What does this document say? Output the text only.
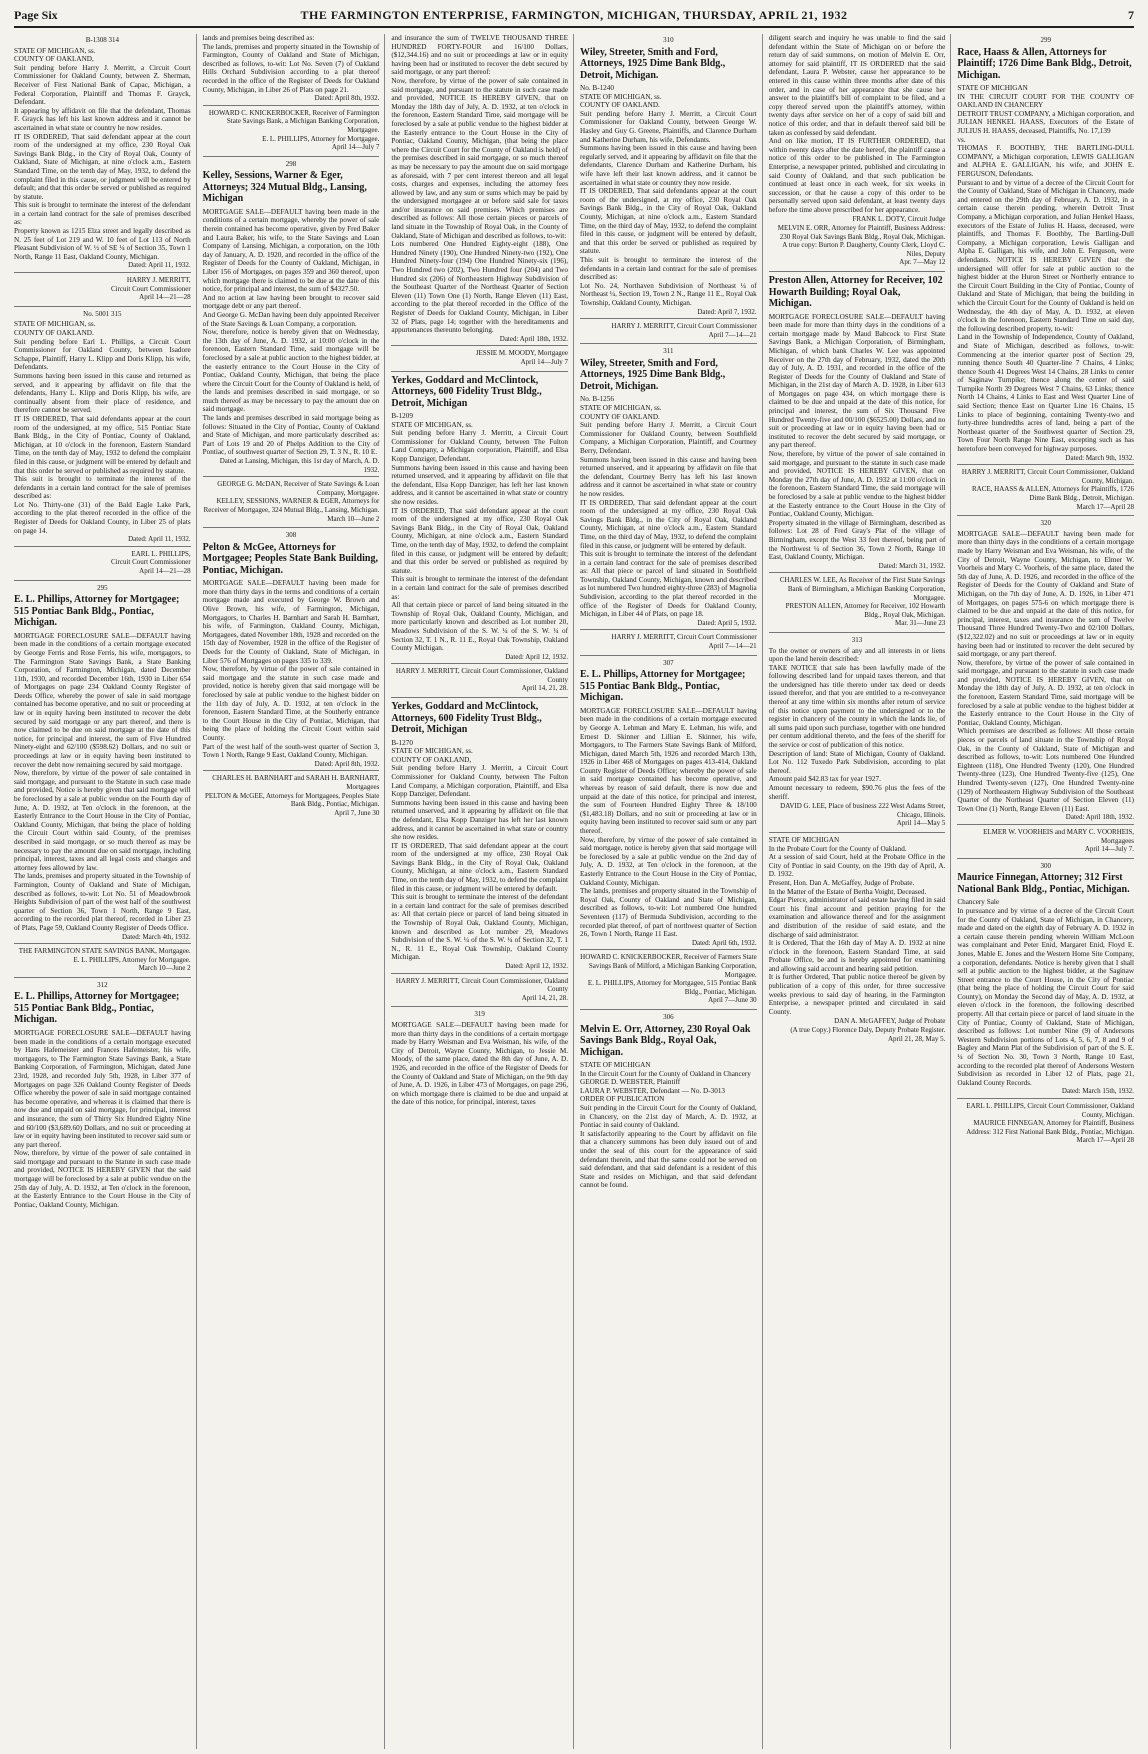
Page Six	THE FARMINGTON ENTERPRISE, FARMINGTON, MICHIGAN, THURSDAY, APRIL 21, 1932	7
B-1308 314
STATE OF MICHIGAN, ss.
COUNTY OF OAKLAND,
Suit pending before Harry J. Merritt, a Circuit Court Commissioner for Oakland County, between Z. Sherman, Receiver of First National Bank of Capac, Michigan, a Federal Corporation, Plaintiff and Thomas F. Grayck, Defendant.
It appearing by affidavit on file that the defendant, Thomas F. Grayck has left his last known address and it cannot be ascertained in what state or country he now resides.
IT IS ORDERED, That said defendant appear at the court room of the undersigned at my office, 230 Royal Oak Savings Bank Bldg., in the City of Royal Oak, County of Oakland, State of Michigan, at nine o'clock a.m., Eastern Standard Time, on the tenth day of May, 1932, to defend the complaint filed in this cause, or judgment will be entered by default; and that this order be served or published as required by statute.
This suit is brought to terminate the interest of the defendant in a certain land contract for the sale of premises described as:
Property known as 1215 Elza street and legally described as N. 25 feet of Lot 219 and W. 10 feet of Lot 113 of North Pleasant Subdivision of W. ½ of SE ¼ of Section 35, Town 1 North, Range 11 East, Oakland County, Michigan.
Dated: April 11, 1932.
HARRY J. MERRITT,
Circuit Court Commissioner
April 14—21—28
No. 5001 315
STATE OF MICHIGAN, ss.
COUNTY OF OAKLAND.
Suit pending before Earl L. Phillips, a Circuit Court Commissioner for Oakland County, between Isadore Schappe, Plaintiff, Harry L. Klipp and Doris Klipp, his wife, Defendants.
Summons having been issued in this cause and returned as served, and it appearing by affidavit on file that the defendants, Harry L. Klipp and Doris Klipp, his wife, are continually absent from their place of residence, and therefore cannot be served.
IT IS ORDERED, That said defendants appear at the court room of the undersigned, at my office, 515 Pontiac State Bank Bldg., in the City of Pontiac, County of Oakland, Michigan, at 10 o'clock in the forenoon, Eastern Standard Time, on the tenth day of May, 1932 to defend the complaint filed in this cause, or judgment will be entered by default and that this order be served or published as required by statute.
This suit is brought to terminate the interest of the defendants in a certain land contract for the sale of premises described as:
Lot No. Thirty-one (31) of the Bald Eagle Lake Park, according to the plat thereof recorded in the office of the Register of Deeds for Oakland County, in Liber 25 of plats on page 14.
Dated: April 11, 1932.
EARL L. PHILLIPS,
Circuit Court Commissioner
April 14—21—28
295
E. L. Phillips, Attorney for Mortgagee; 515 Pontiac Bank Bldg., Pontiac, Michigan.
MORTGAGE FORECLOSURE SALE—DEFAULT having been made in the conditions of a certain mortgage executed by George Ferris and Rose Ferris, his wife, mortgagors, to The Farmington State Savings Bank, a State Banking Corporation, of Farmington, Michigan, dated December 11th, 1930, and recorded December 16th, 1930 in Liber 654 of Mortgages on page 234 Oakland County Register of Deeds Office, whereby the power of sale in said mortgage contained has become operative, and no suit or proceeding at law or in equity having been instituted to recover the debt secured by said mortgage or any part thereof, and there is now claimed to be due on said mortgage at the date of this notice, for principal and interest, the sum of Five Hundred Ninety-eight and 62/100 ($598.62) Dollars, and no suit or proceedings at law or in equity having been instituted to recover the debt now remaining secured by said mortgage.
Now, therefore, by virtue of the power of sale contained in said mortgage, and pursuant to the Statute in such case made and provided, Notice is hereby given that said mortgage will be foreclosed by a sale at public vendue on the Fourth day of June, A. D. 1932, at Ten o'clock in the forenoon, at the Easterly Entrance to the Court House in the City of Pontiac, Oakland County, Michigan, that being the place of holding the Circuit Court within said County, of the premises described in said mortgage, or so much thereof as may be necessary to pay the amount due on said mortgage, including principal, interest, taxes and all legal costs and charges and attorney fees allowed by law.
The lands, premises and property situated in the Township of Farmington, County of Oakland and State of Michigan, described as follows, to-wit: Lot No. 51 of Meadowbrook Heights Subdivision of part of the west half of the southwest quarter of Section 36, Town 1 North, Range 9 East, according to the recorded plat thereof, recorded in Liber 23 of Plats, Page 59, Oakland County Register of Deeds Office.
Dated: March 4th, 1932.
THE FARMINGTON STATE SAVINGS BANK, Mortgagee.
E. L. PHILLIPS, Attorney for Mortgagee.
March 10—June 2
312
E. L. Phillips, Attorney for Mortgagee; 515 Pontiac Bank Bldg., Pontiac, Michigan.
MORTGAGE FORECLOSURE SALE—DEFAULT having been made in the conditions of a certain mortgage executed by Hans Hafemeister and Frances Hafemeister, his wife, mortgagors, to The Farmington State Savings Bank, a State Banking Corporation, of Farmington, Michigan, dated June 23rd, 1928, and recorded July 5th, 1928, in Liber 377 of Mortgages on page 326 Oakland County Register of Deeds Office whereby the power of sale in said mortgage contained has become operative, and whereas it is claimed that there is now due and unpaid on said mortgage, for principal, interest and insurance, the sum of Thirty Six Hundred Eighty Nine and 60/100 ($3,689.60) Dollars, and no suit or proceeding at law or in equity having been instituted to recover said sum or any part thereof.
Now, therefore, by virtue of the power of sale contained in said mortgage and pursuant to the Statute in such case made and provided, NOTICE IS HEREBY GIVEN that the said mortgage will be foreclosed by a sale at public vendue on the 25th day of July, A. D. 1932, at Ten o'clock in the forenoon, at the Easterly Entrance to the Court House in the City of Pontiac, Oakland County, Michigan.
lands and premises being described as:
The lands, premises and property situated in the Township of Farmington, County of Oakland and State of Michigan, described as follows, to-wit: Lot No. Seven (7) of Oakland Hills Orchard Subdivision according to a plat thereof recorded in the office of the Register of Deeds for Oakland County, Michigan, in Liber 26 of Plats on page 21.
Dated: April 8th, 1932.
HOWARD C. KNICKERBOCKER, Receiver of Farmington State Savings Bank, a Michigan Banking Corporation, Mortgagee.
E. L. PHILLIPS, Attorney for Mortgagee.
April 14—July 7
298
Kelley, Sessions, Warner & Eger, Attorneys; 324 Mutual Bldg., Lansing, Michigan
MORTGAGE SALE—DEFAULT having been made in the conditions of a certain mortgage, whereby the power of sale therein contained has become operative, given by Fred Baker and Laura Baker, his wife, to the State Savings and Loan Company of Lansing, Michigan, a corporation, on the 10th day of January, A. D. 1920, and recorded in the office of the Register of Deeds for the County of Oakland, Michigan, in Liber 156 of Mortgages, on pages 359 and 360 thereof, upon which mortgage there is claimed to be due at the date of this notice, for principal and interest, the sum of $4327.50.
And no action at law having been brought to recover said mortgage debt or any part thereof.
And George G. McDan having been duly appointed Receiver of the State Savings & Loan Company, a corporation.
Now, therefore, notice is hereby given that on Wednesday, the 13th day of June, A. D. 1932, at 10:00 o'clock in the forenoon, Eastern Standard Time, said mortgage will be foreclosed by a sale at public auction to the highest bidder, at the easterly entrance to the Court House in the City of Pontiac, Oakland County, Michigan, that being the place where the Circuit Court for the County of Oakland is held, of the lands and premises described in said mortgage, or so much thereof as may be necessary to pay the amount due on said mortgage.
The lands and premises described in said mortgage being as follows: Situated in the City of Pontiac, County of Oakland and State of Michigan, and more particularly described as: Part of Lots 19 and 20 of Phelps Addition to the City of Pontiac, of southwest quarter of Section 29, T. 3 N., R. 10 E.
Dated at Lansing, Michigan, this 1st day of March, A. D. 1932.
GEORGE G. McDAN, Receiver of State Savings & Loan Company, Mortgagee.
KELLEY, SESSIONS, WARNER & EGER, Attorneys for Receiver of Mortgagee, 324 Mutual Bldg., Lansing, Michigan.
March 10—June 2
308
Pelton & McGee, Attorneys for Mortgagee; Peoples State Bank Building, Pontiac, Michigan.
MORTGAGE SALE—DEFAULT having been made for more than thirty days in the terms and conditions of a certain mortgage made and executed by George W. Brown and Olive Brown, his wife, of Farmington, Michigan, Mortgagors, to Charles H. Barnhart and Sarah H. Barnhart, his wife, of Farmington, Oakland County, Michigan, Mortgagees, dated November 18th, 1928 and recorded on the 15th day of November, 1928 in the office of the Register of Deeds for the County of Oakland, State of Michigan, in Liber 576 of Mortgages on pages 335 to 339.
Now, therefore, by virtue of the power of sale contained in said mortgage and the statute in such case made and provided, notice is hereby given that said mortgage will be foreclosed by sale at public vendue to the highest bidder on the 11th day of July, A. D. 1932, at ten o'clock in the forenoon, Eastern Standard Time, at the Southerly entrance to the Court House in the City of Pontiac, Michigan, that being the place of holding the Circuit Court within said County.
Part of the west half of the south-west quarter of Section 3, Town 1 North, Range 9 East, Oakland County, Michigan.
Dated: April 8th, 1932.
CHARLES H. BARNHART and SARAH H. BARNHART, Mortgagees
PELTON & McGEE, Attorneys for Mortgagees, Peoples State Bank Bldg., Pontiac, Michigan.
April 7, June 30
and insurance the sum of TWELVE THOUSAND THREE HUNDRED FORTY-FOUR and 16/100 Dollars, ($12,344.16) and no suit or proceedings at law or in equity having been had or instituted to recover the debt secured by said mortgage, or any part thereof:
Now, therefore, by virtue of the power of sale contained in said mortgage, and pursuant to the statute in such case made and provided, NOTICE IS HEREBY GIVEN, that on Monday the 18th day of July, A. D. 1932, at ten o'clock in the forenoon, Eastern Standard Time, said mortgage will be foreclosed by a sale at public vendue to the highest bidder at the Easterly entrance to the Court House in the City of Pontiac, Oakland County, Michigan, (that being the place where the Circuit Court for the County of Oakland is held) of the premises described in said mortgage, or so much thereof as may be necessary to pay the amount due on said mortgage as aforesaid, with 7 per cent interest thereon and all legal costs, charges and expenses, including the attorney fees allowed by law, and any sum or sums which may be paid by the undersigned mortgagee at or before said sale for taxes and/or insurance on said premises. Which premises are described as follows: All those certain pieces or parcels of land situate in the Township of Royal Oak, in the County of Oakland, State of Michigan and described as follows, to-wit:
Lots numbered One Hundred Eighty-eight (188), One Hundred Ninety (190), One Hundred Ninety-two (192), One Hundred Ninety-four (194) One Hundred Ninety-six (196), Two Hundred two (202), Two Hundred four (204) and Two Hundred six (206) of Northeastern Highway Subdivision of the Southeast Quarter of the Northeast Quarter of Section Eleven (11) Town One (1) North, Range Eleven (11) East, according to the plat thereof recorded in the Office of the Register of Deeds for Oakland County, Michigan, in Liber 32 of Plats, page 14; together with the hereditaments and appurtenances thereunto belonging.
Dated: April 18th, 1932.
JESSIE M. MOODY, Mortgagee
April 14—July 7
Yerkes, Goddard and McClintock, Attorneys, 600 Fidelity Trust Bldg., Detroit, Michigan
B-1209
STATE OF MICHIGAN, ss.
Suit pending before Harry J. Merritt, a Circuit Court Commissioner for Oakland County, between The Fulton Land Company, a Michigan corporation, Plaintiff, and Elsa Kopp Danziger, Defendant.
Summons having been issued in this cause and having been returned unserved, and it appearing by affidavit on file that the defendant, Elsa Kopp Danziger, has left her last known address, and it cannot be ascertained in what state or country she now resides.
IT IS ORDERED, That said defendant appear at the court room of the undersigned at my office, 230 Royal Oak Savings Bank Bldg., in the City of Royal Oak, Oakland County, Michigan, at nine o'clock a.m., Eastern Standard Time, on the tenth day of May, 1932, to defend the complaint filed in this cause, or judgment will be entered by default; and that this order be served or published as required by statute.
This suit is brought to terminate the interest of the defendant in a certain land contract for the sale of premises described as:
All that certain piece or parcel of land being situated in the Township of Royal Oak, Oakland County, Michigan, and more particularly known and described as Lot number 20, Meadows Subdivision of the S. W. ¼ of the S. W. ¼ of Section 32, T. 1 N., R. 11 E., Royal Oak Township, Oakland County Michigan.
Dated: April 12, 1932.
HARRY J. MERRITT, Circuit Court Commissioner, Oakland County
April 14, 21, 28.
Yerkes, Goddard and McClintock, Attorneys, 600 Fidelity Trust Bldg., Detroit, Michigan
B-1270
STATE OF MICHIGAN, ss.
COUNTY OF OAKLAND,
Suit pending before Harry J. Merritt, a Circuit Court Commissioner for Oakland County, between The Fulton Land Company, a Michigan corporation, Plaintiff, and Elsa Kopp Danziger, Defendant.
Summons having been issued in this cause and having been returned unserved, and it appearing by affidavit on file that the defendant, Elsa Kopp Danziger has left her last known address, and it cannot be ascertained in what state or country she now resides.
IT IS ORDERED, That said defendant appear at the court room of the undersigned at my office, 230 Royal Oak Savings Bank Bldg., in the City of Royal Oak, Oakland County, Michigan, at nine o'clock a.m., Eastern Standard Time, on the tenth day of May, 1932, to defend the complaint filed in this cause, or judgment will be entered by default.
This suit is brought to terminate the interest of the defendant in a certain land contract for the sale of premises described as: All that certain piece or parcel of land being situated in the Township of Royal Oak, Oakland County, Michigan, known and described as Lot number 29, Meadows Subdivision of the S. W. ¼ of the S. W. ¼ of Section 32, T. 1 N., R. 11 E., Royal Oak Township, Oakland County Michigan.
Dated: April 12, 1932.
HARRY J. MERRITT, Circuit Court Commissioner, Oakland County
April 14, 21, 28.
319
MORTGAGE SALE—DEFAULT having been made for more than thirty days in the conditions of a certain mortgage made by Harry Weisman and Eva Weisman, his wife, of the City of Detroit, Wayne County, Michigan, to Jessie M. Moody, of the same place, dated the 8th day of June, A. D. 1926, and recorded in the office of the Register of Deeds for the County of Oakland and State of Michigan, on the 9th day of June, A. D. 1926, in Liber 473 of Mortgages, on page 296, on which mortgage there is claimed to be due and unpaid at the date of this notice, for principal, interest, taxes
310
Wiley, Streeter, Smith and Ford, Attorneys, 1925 Dime Bank Bldg., Detroit, Michigan.
No. B-1240
STATE OF MICHIGAN, ss.
COUNTY OF OAKLAND.
Suit pending before Harry J. Merritt, a Circuit Court Commissioner for Oakland County, between George W. Hasley and Guy G. Greene, Plaintiffs, and Clarence Durham and Katherine Durham, his wife, Defendants.
Summons having been issued in this cause and having been regularly served, and it appearing by affidavit on file that the defendants, Clarence Durham and Katherine Durham, his wife have left their last known address, and it cannot be ascertained in what state or country they now reside.
IT IS ORDERED, That said defendants appear at the court room of the undersigned, at my office, 230 Royal Oak Savings Bank Bldg., in the City of Royal Oak, Oakland County, Michigan, at nine o'clock a.m., Eastern Standard Time, on the third day of May, 1932, to defend the complaint filed in this cause, or judgment will be entered by default, and that this order be served or published as required by statute.
This suit is brought to terminate the interest of the defendants in a certain land contract for the sale of premises described as:
Lot No. 24, Northaven Subdivision of Northeast ¼ of Northeast ¼, Section 19, Town 2 N., Range 11 E., Royal Oak Township, Oakland County, Michigan.
Dated: April 7, 1932.
HARRY J. MERRITT, Circuit Court Commissioner
April 7—14—21
311
Wiley, Streeter, Smith and Ford, Attorneys, 1925 Dime Bank Bldg., Detroit, Michigan.
No. B-1256
STATE OF MICHIGAN, ss.
COUNTY OF OAKLAND.
Suit pending before Harry J. Merritt, a Circuit Court Commissioner for Oakland County, between Southfield Company, a Michigan Corporation, Plaintiff, and Courtney Berry, Defendant.
Summons having been issued in this cause and having been returned unserved, and it appearing by affidavit on file that the defendant, Courtney Berry has left his last known address and it cannot be ascertained in what state or country he now resides.
IT IS ORDERED, That said defendant appear at the court room of the undersigned at my office, 230 Royal Oak Savings Bank Bldg., in the City of Royal Oak, Oakland County, Michigan, at nine o'clock a.m., Eastern Standard Time, on the third day of May, 1932, to defend the complaint filed in this cause, or judgment will be entered by default.
This suit is brought to terminate the interest of the defendant in a certain land contract for the sale of premises described as: All that piece or parcel of land situated in Southfield Township, Oakland County, Michigan, known and described as lot numbered Two hundred eighty-three (283) of Magnolia Subdivision, according to the plat thereof recorded in the office of the Register of Deeds for Oakland County, Michigan, in Liber 44 of Plats, on page 18.
Dated: April 5, 1932.
HARRY J. MERRITT, Circuit Court Commissioner
April 7—14—21
307
E. L. Phillips, Attorney for Mortgagee; 515 Pontiac Bank Bldg., Pontiac, Michigan.
MORTGAGE FORECLOSURE SALE—DEFAULT having been made in the conditions of a certain mortgage executed by George A. Lehman and Mary E. Lehman, his wife, and Ernest D. Skinner and Lillian E. Skinner, his wife, Mortgagors, to The Farmers State Savings Bank of Milford, Michigan, dated March 5th, 1926 and recorded March 13th, 1926 in Liber 468 of Mortgages on pages 413-414, Oakland County Register of Deeds Office; whereby the power of sale in said mortgage contained has become operative, and whereas by reason of said default, there is now due and unpaid at the date of this notice, for principal and interest, the sum of Fourteen Hundred Eighty Three & 18/100 ($1,483.18) Dollars, and no suit or proceeding at law or in equity having been instituted to recover said sum or any part thereof.
Now, therefore, by virtue of the power of sale contained in said mortgage, notice is hereby given that said mortgage will be foreclosed by a sale at public vendue on the 2nd day of July, A. D. 1932, at Ten o'clock in the forenoon, at the Easterly Entrance to the Court House in the City of Pontiac, Oakland County, Michigan.
The lands, premises and property situated in the Township of Royal Oak, County of Oakland and State of Michigan, described as follows, to-wit: Lot numbered One hundred Seventeen (117) of Bermuda Subdivision, according to the recorded plat thereof, of part of northwest quarter of Section 26, Town 1 North, Range 11 East.
Dated: April 6th, 1932.
HOWARD C. KNICKERBOCKER, Receiver of Farmers State Savings Bank of Milford, a Michigan Banking Corporation, Mortgagee.
E. L. PHILLIPS, Attorney for Mortgagee, 515 Pontiac Bank Bldg., Pontiac, Michigan.
April 7—June 30
306
Melvin E. Orr, Attorney, 230 Royal Oak Savings Bank Bldg., Royal Oak, Michigan.
STATE OF MICHIGAN
In the Circuit Court for the County of Oakland in Chancery
GEORGE D. WEBSTER, Plaintiff
LAURA P. WEBSTER, Defendant — No. D-3013
ORDER OF PUBLICATION
Suit pending in the Circuit Court for the County of Oakland, in Chancery, on the 21st day of March, A. D. 1932, at Pontiac in said county of Oakland.
It satisfactorily appearing to the Court by affidavit on file that a chancery summons has been duly issued out of and under the seal of this court for the appearance of said defendant therein, and that the same could not be served on said defendant, and that said defendant is a resident of this State and resides on Michigan, and that said defendant cannot be found.
diligent search and inquiry he was unable to find the said defendant within the State of Michigan on or before the return day of said summons, on motion of Melvin E. Orr, attorney for said plaintiff, IT IS ORDERED that the said defendant, Laura P. Webster, cause her appearance to be entered in this cause within three months after date of this order, and in case of her appearance that she cause her answer to the plaintiff's bill of complaint to be filed, and a copy thereof served upon the plaintiff's attorney, within twenty days after service on her of a copy of said bill and notice of this order, and that in default thereof said bill be taken as confessed by said defendant.
And on like motion, IT IS FURTHER ORDERED, that within twenty days after the date hereof, the plaintiff cause a notice of this order to be published in The Farmington Enterprise, a newspaper printed, published and circulating in said County of Oakland, and that such publication be continued at least once in each week, for six weeks in succession, or that he cause a copy of this order to be personally served upon said defendant, at least twenty days before the time above prescribed for her appearance.
FRANK L. DOTY, Circuit Judge
MELVIN E. ORR, Attorney for Plaintiff, Business Address: 230 Royal Oak Savings Bank Bldg., Royal Oak, Michigan.
A true copy: Burton P. Daugherty, County Clerk, Lloyd C. Niles, Deputy
Apr. 7—May 12
Preston Allen, Attorney for Receiver, 102 Howarth Building; Royal Oak, Michigan.
MORTGAGE FORECLOSURE SALE—DEFAULT having been made for more than thirty days in the conditions of a certain mortgage made by Maud Babcock to First State Savings Bank, a Michigan Corporation, of Birmingham, Michigan, of which bank Charles W. Lee was appointed Receiver on the 27th day of February, 1932, dated the 20th day of July, A. D. 1931, and recorded in the office of the Register of Deeds for the County of Oakland and State of Michigan, in the 21st day of March A. D. 1928, in Liber 613 of Mortgages on page 434, on which mortgage there is claimed to be due and unpaid at the date of this notice, for principal and interest, the sum of Six Thousand Five Hundred Twenty-five and 00/100 ($6525.00) Dollars, and no suit or proceeding at law or in equity having been had or instituted to recover the debt secured by said mortgage, or any part thereof.
Now, therefore, by virtue of the power of sale contained in said mortgage, and pursuant to the statute in such case made and provided, NOTICE IS HEREBY GIVEN, that on Monday the 27th day of June, A. D. 1932 at 11:00 o'clock in the forenoon, Eastern Standard Time, the said mortgage will be foreclosed by a sale at public vendue to the highest bidder at the Easterly entrance to the Court House in the City of Pontiac, Oakland County, Michigan.
Property situated in the village of Birmingham, described as follows: Lot 28 of Fred Gray's Plat of the village of Birmingham, except the West 33 feet thereof, being part of the Northwest ¼ of Section 36, Town 2 North, Range 10 East, Oakland County, Michigan.
Dated: March 31, 1932.
CHARLES W. LEE, As Receiver of the First State Savings Bank of Birmingham, a Michigan Banking Corporation, Mortgagee.
PRESTON ALLEN, Attorney for Receiver, 102 Howarth Bldg., Royal Oak, Michigan.
Mar. 31—June 23
313
To the owner or owners of any and all interests in or liens upon the land herein described:
TAKE NOTICE that sale has been lawfully made of the following described land for unpaid taxes thereon, and that the undersigned has title thereto under tax deed or deeds issued therefor, and that you are entitled to a re-conveyance thereof at any time within six months after return of service of this notice upon payment to the undersigned or to the register in chancery of the county in which the lands lie, of all sums paid upon such purchase, together with one hundred per centum additional thereto, and the fees of the sheriff for the service or cost of publication of this notice.
Description of land: State of Michigan, County of Oakland. Lot No. 112 Tuxedo Park Subdivision, according to plat thereof.
Amount paid $42.83 tax for year 1927.
Amount necessary to redeem, $90.76 plus the fees of the sheriff.
DAVID G. LEE, Place of business 222 West Adams Street, Chicago, Illinois.
April 14—May 5
STATE OF MICHIGAN
In the Probate Court for the County of Oakland.
At a session of said Court, held at the Probate Office in the City of Pontiac in said County, on the 19th day of April, A. D. 1932.
Present, Hon. Dan A. McGaffey, Judge of Probate.
In the Matter of the Estate of Bertha Voight, Deceased.
Edgar Pierce, administrator of said estate having filed in said Court his final account and petition praying for the examination and allowance thereof and for the assignment and distribution of the residue of said estate, and the discharge of said administrator.
It is Ordered, That the 16th day of May A. D. 1932 at nine o'clock in the forenoon, Eastern Standard Time, at said Probate Office, be and is hereby appointed for examining and allowing said account and hearing said petition.
It is further Ordered, That public notice thereof be given by publication of a copy of this order, for three successive weeks previous to said day of hearing, in the Farmington Enterprise, a newspaper printed and circulated in said County.
DAN A. McGAFFEY, Judge of Probate
(A true Copy.) Florence Daly, Deputy Probate Register.
April 21, 28, May 5.
299
Race, Haass & Allen, Attorneys for Plaintiff; 1726 Dime Bank Bldg., Detroit, Michigan.
STATE OF MICHIGAN
IN THE CIRCUIT COURT FOR THE COUNTY OF OAKLAND IN CHANCERY
DETROIT TRUST COMPANY, a Michigan corporation, and JULIAN HENKEL HAASS, Executors of the Estate of JULIUS H. HAASS, deceased, Plaintiffs, No. 17,139
vs.
THOMAS F. BOOTHBY, THE BARTLING-DULL COMPANY, a Michigan corporation, LEWIS GALLIGAN and ALPHA E. GALLIGAN, his wife, and JOHN E. FERGUSON, Defendants.
Pursuant to and by virtue of a decree of the Circuit Court for the County of Oakland, State of Michigan in Chancery, made and entered on the 29th day of February, A. D. 1932, in a certain cause therein pending, wherein Detroit Trust Company, a Michigan corporation, and Julian Henkel Haass, executors of the Estate of Julius H. Haass, deceased, were plaintiffs, and Thomas F. Boothby, The Bartling-Dull Company, a Michigan corporation, Lewis Galligan and Alpha E. Galligan, his wife, and John E. Ferguson, were defendants. NOTICE IS HEREBY GIVEN that the undersigned will offer for sale at public auction to the highest bidder at the Huron Street or Northerly entrance to the Circuit Court Building in the City of Pontiac, County of Oakland and State of Michigan, that being the building in which the Circuit Court for the County of Oakland is held on Wednesday, the 4th day of May, A. D. 1932, at eleven o'clock in the forenoon, Eastern Standard Time on said day, the following described property, to-wit:
Land in the Township of Independence, County of Oakland, and State of Michigan, described as follows, to-wit: Commencing at the interior quarter post of Section 29, running thence South 40 Quarter-line 7 Chains, 4 Links; thence South 41 Degrees West 14 Chains, 28 Links to center of Saginaw Turnpike; thence along the center of said Turnpike North 39 Degrees West 7 Chains, 63 Links; thence North 14 Chains, 4 Links to East and West Quarter Line of said Section; thence East on Quarter Line 16 Chains, 15 Links to place of beginning, containing Twenty-two and forty-three hundredths acres of land, being a part of the Northeast quarter of the Southwest quarter of Section 29, Town Four North Range Nine East, excepting such as has heretofore been conveyed for highway purposes.
Dated: March 9th, 1932.
HARRY J. MERRITT, Circuit Court Commissioner, Oakland County, Michigan.
RACE, HAASS & ALLEN, Attorneys for Plaintiffs, 1726 Dime Bank Bldg., Detroit, Michigan.
March 17—April 28
320
MORTGAGE SALE—DEFAULT having been made for more than thirty days in the conditions of a certain mortgage made by Harry Weisman and Eva Weisman, his wife, of the City of Detroit, Wayne County, Michigan, to Elmer W. Voorheis and Mary C. Voorheis, of the same place, dated the 5th day of June, A. D. 1926, and recorded in the office of the Register of Deeds for the County of Oakland and State of Michigan, on the 7th day of June, A. D. 1926, in Liber 471 of Mortgages, on pages 575-6 on which mortgage there is claimed to be due and unpaid at the date of this notice, for principal, interest, taxes and insurance the sum of Twelve Thousand Three Hundred Twenty-Two and 02/100 Dollars, ($12,322.02) and no suit or proceedings at law or in equity having been had or instituted to recover the debt secured by said mortgage, or any part thereof.
Now, therefore, by virtue of the power of sale contained in said mortgage, and pursuant to the statute in such case made and provided, NOTICE IS HEREBY GIVEN, that on Monday the 18th day of July, A. D. 1932, at ten o'clock in the forenoon, Eastern Standard Time, said mortgage will be foreclosed by a sale at public vendue to the highest bidder at the Easterly entrance to the Court House in the City of Pontiac, Oakland County, Michigan.
Which premises are described as follows: All those certain pieces or parcels of land situate in the Township of Royal Oak, in the County of Oakland, State of Michigan and described as follows, to-wit: Lots numbered One Hundred Eighteen (118), One Hundred Twenty (120), One Hundred Twenty-three (123), One Hundred Twenty-five (125), One Hundred Twenty-seven (127), One Hundred Twenty-nine (129) of Northeastern Highway Subdivision of the Southeast Quarter of the Northeast Quarter of Section Eleven (11) Town One (1) North, Range Eleven (11) East.
Dated: April 18th, 1932.
ELMER W. VOORHEIS and MARY C. VOORHEIS, Mortgagees
April 14—July 7.
300
Maurice Finnegan, Attorney; 312 First National Bank Bldg., Pontiac, Michigan.
Chancery Sale
In pursuance and by virtue of a decree of the Circuit Court for the County of Oakland, State of Michigan, in Chancery, made and dated on the eighth day of February A. D. 1932 in a certain cause therein pending wherein William McLoon was complainant and Peter Enid, Margaret Enid, Floyd E. Jones, Mable E. Jones and the Western Home Site Company, a corporation, defendants. Notice is hereby given that I shall sell at public auction to the highest bidder, at the Saginaw Street entrance to the Court House, in the City of Pontiac (that being the place of holding the Circuit Court for said County), on Monday the Second day of May, A. D. 1932, at eleven o'clock in the forenoon, the following described property. All that certain piece or parcel of land situate in the City of Pontiac, County of Oakland, State of Michigan, described as follows: Lot number Nine (9) of Andersons Western Subdivision portions of Lots 4, 5, 6, 7, 8 and 9 of Bagley and Mann Plat of the Subdivision of part of the S. E. ¼ of Section No. 30, Town 3 North, Range 10 East, according to the recorded plat thereof of Andersons Western Subdivision as recorded in Liber 12 of Plats, page 21, Oakland County Records.
Dated: March 15th, 1932.
EARL L. PHILLIPS, Circuit Court Commissioner, Oakland County, Michigan.
MAURICE FINNEGAN, Attorney for Plaintiff, Business Address: 312 First National Bank Bldg., Pontiac, Michigan.
March 17—April 28
